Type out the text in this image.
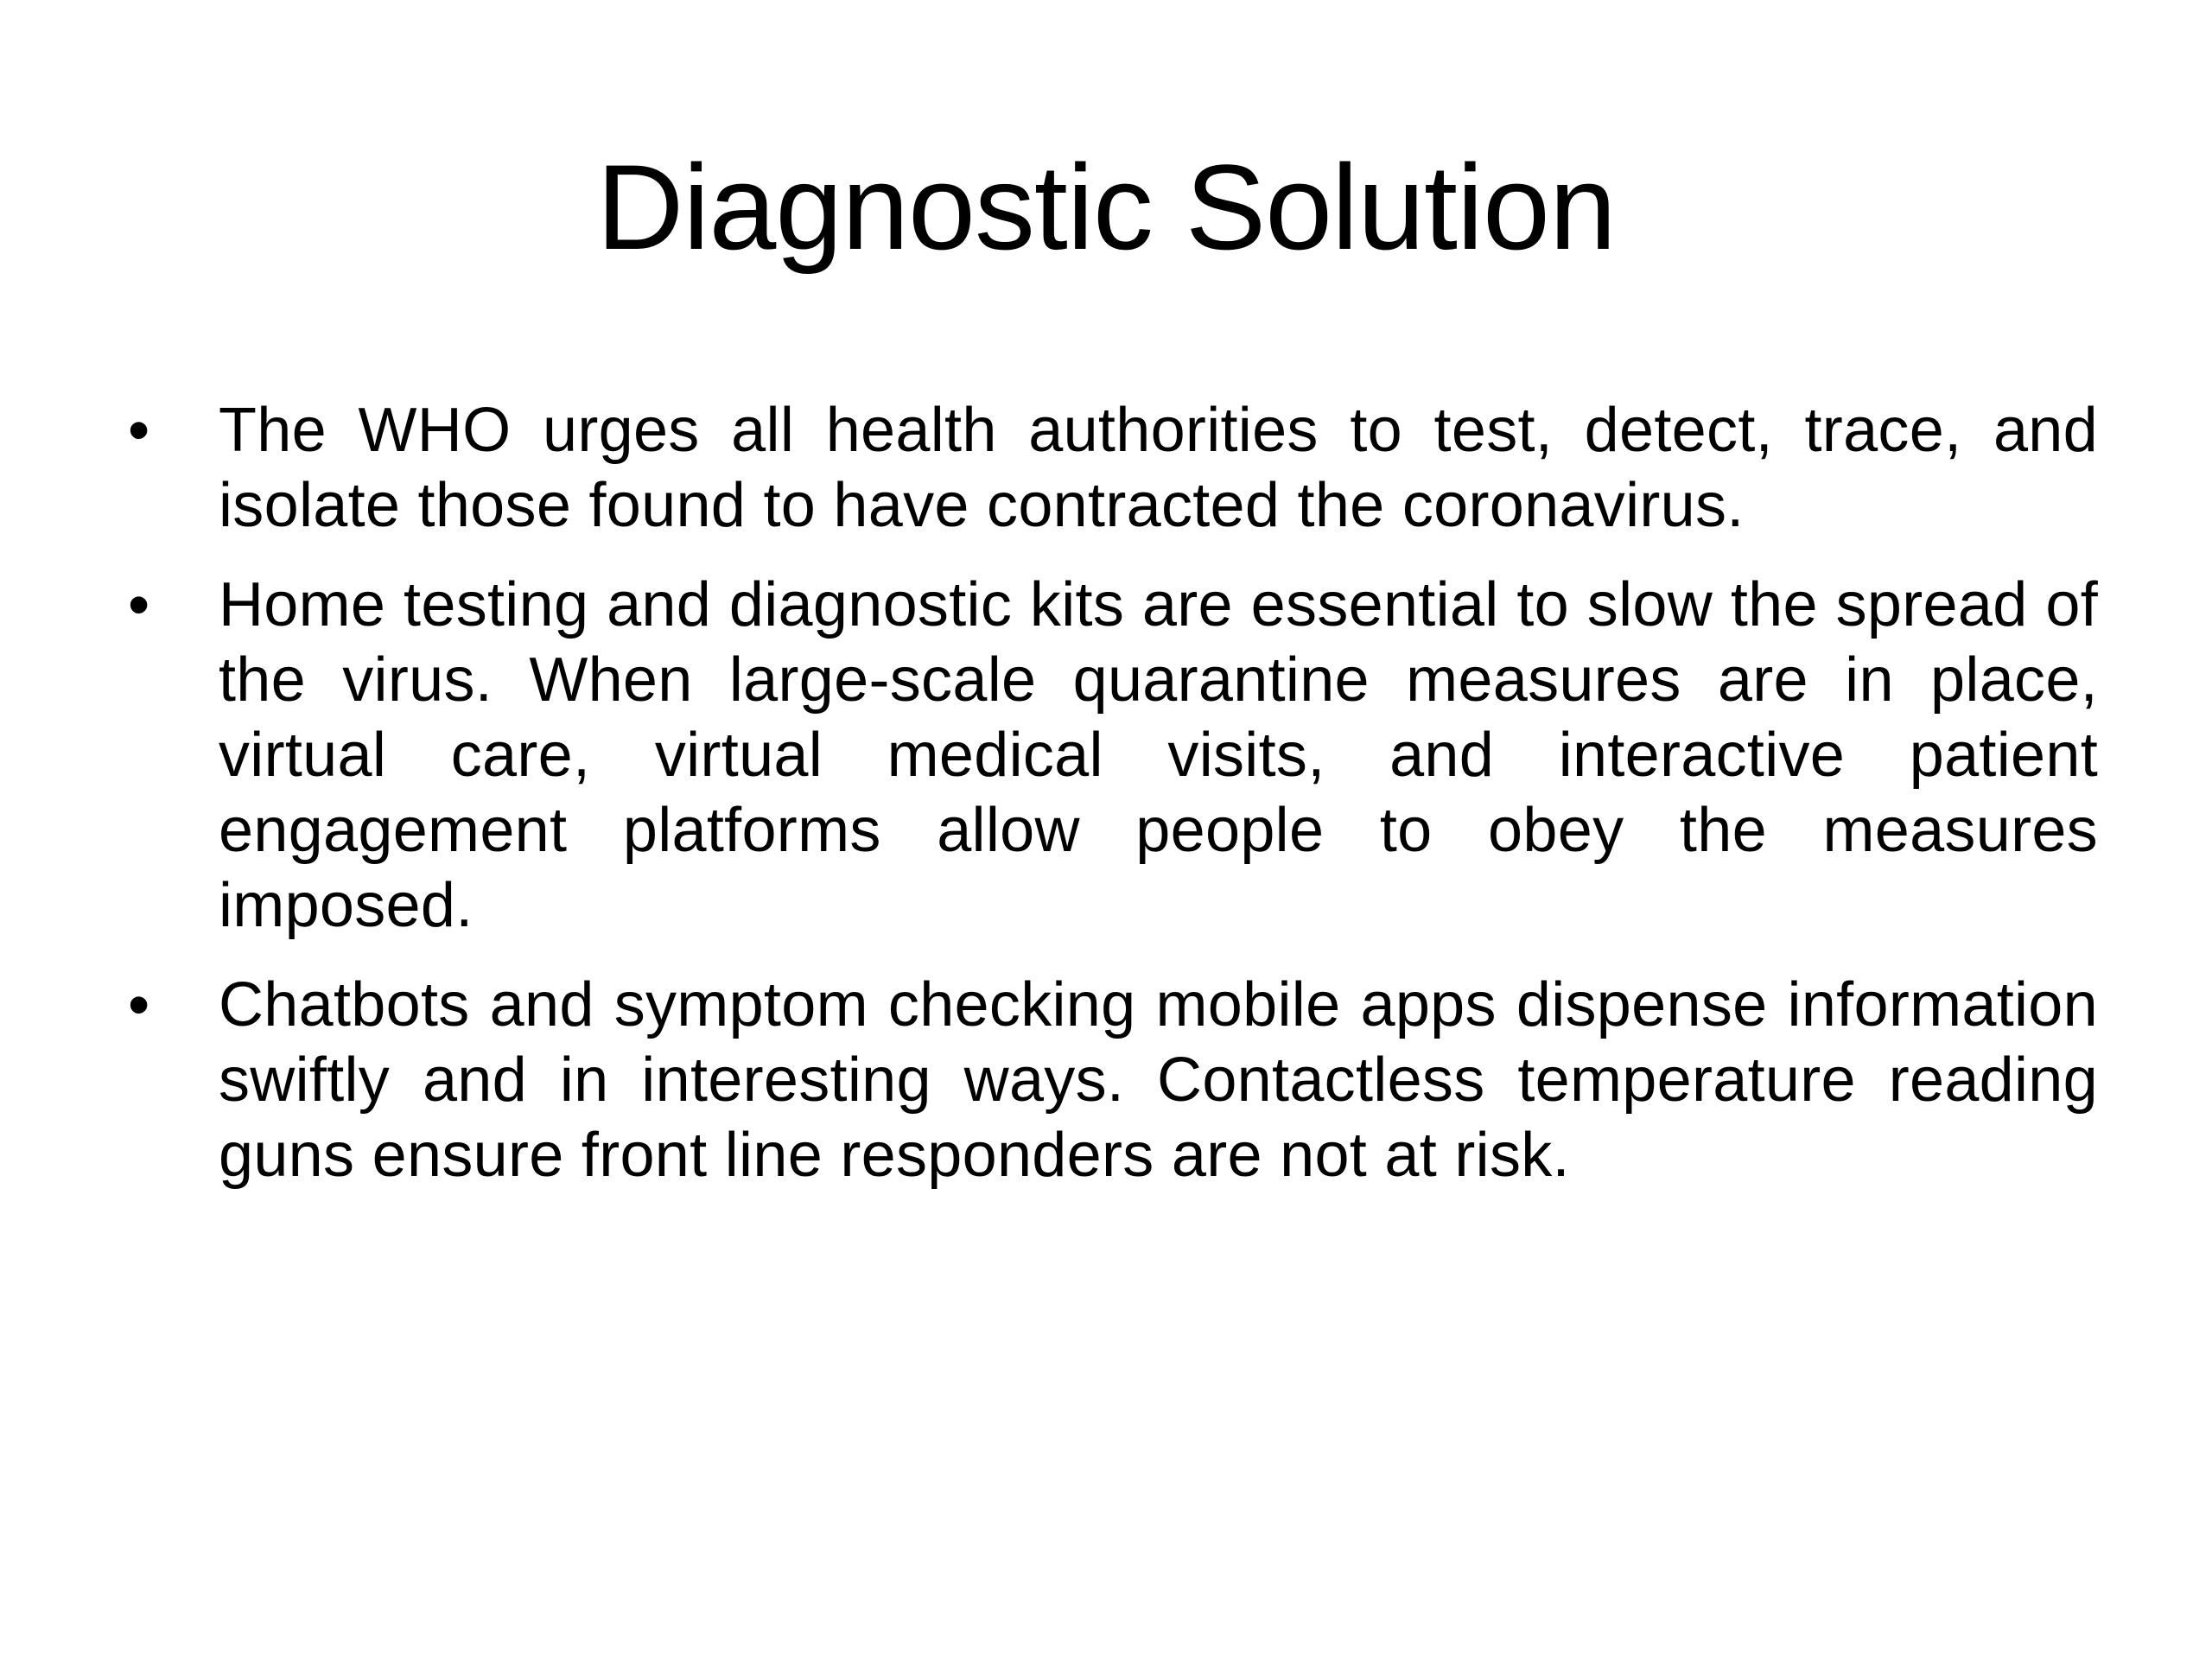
Diagnostic Solution
• The WHO urges all health authorities to test, detect, trace, and isolate those found to have contracted the coronavirus.
• Home testing and diagnostic kits are essential to slow the spread of the virus. When large-scale quarantine measures are in place, virtual care, virtual medical visits, and interactive patient engagement platforms allow people to obey the measures imposed.
• Chatbots and symptom checking mobile apps dispense information swiftly and in interesting ways. Contactless temperature reading guns ensure front line responders are not at risk.
